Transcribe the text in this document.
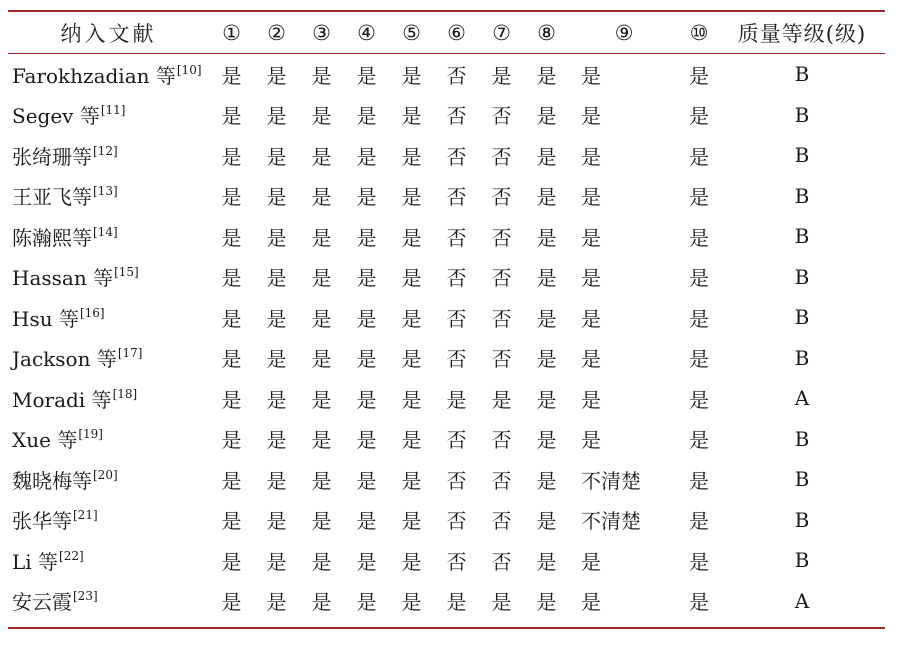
纳入文献	①	②	③	④	⑤	⑥	⑦	⑧	⑨	⑩	质量等级(级)

Farokhzadian 等[10]	是	是	是	是	是	否	是	是	是	是	B
Segev 等[11]	是	是	是	是	是	否	否	是	是	是	B
张绮珊等[12]	是	是	是	是	是	否	否	是	是	是	B
王亚飞等[13]	是	是	是	是	是	否	否	是	是	是	B
陈瀚熙等[14]	是	是	是	是	是	否	否	是	是	是	B
Hassan 等[15]	是	是	是	是	是	否	否	是	是	是	B
Hsu 等[16]	是	是	是	是	是	否	否	是	是	是	B
Jackson 等[17]	是	是	是	是	是	否	否	是	是	是	B
Moradi 等[18]	是	是	是	是	是	是	是	是	是	是	A
Xue 等[19]	是	是	是	是	是	否	否	是	是	是	B
魏晓梅等[20]	是	是	是	是	是	否	否	是	不清楚	是	B
张华等[21]	是	是	是	是	是	否	否	是	不清楚	是	B
Li 等[22]	是	是	是	是	是	否	否	是	是	是	B
安云霞[23]	是	是	是	是	是	是	是	是	是	是	A
